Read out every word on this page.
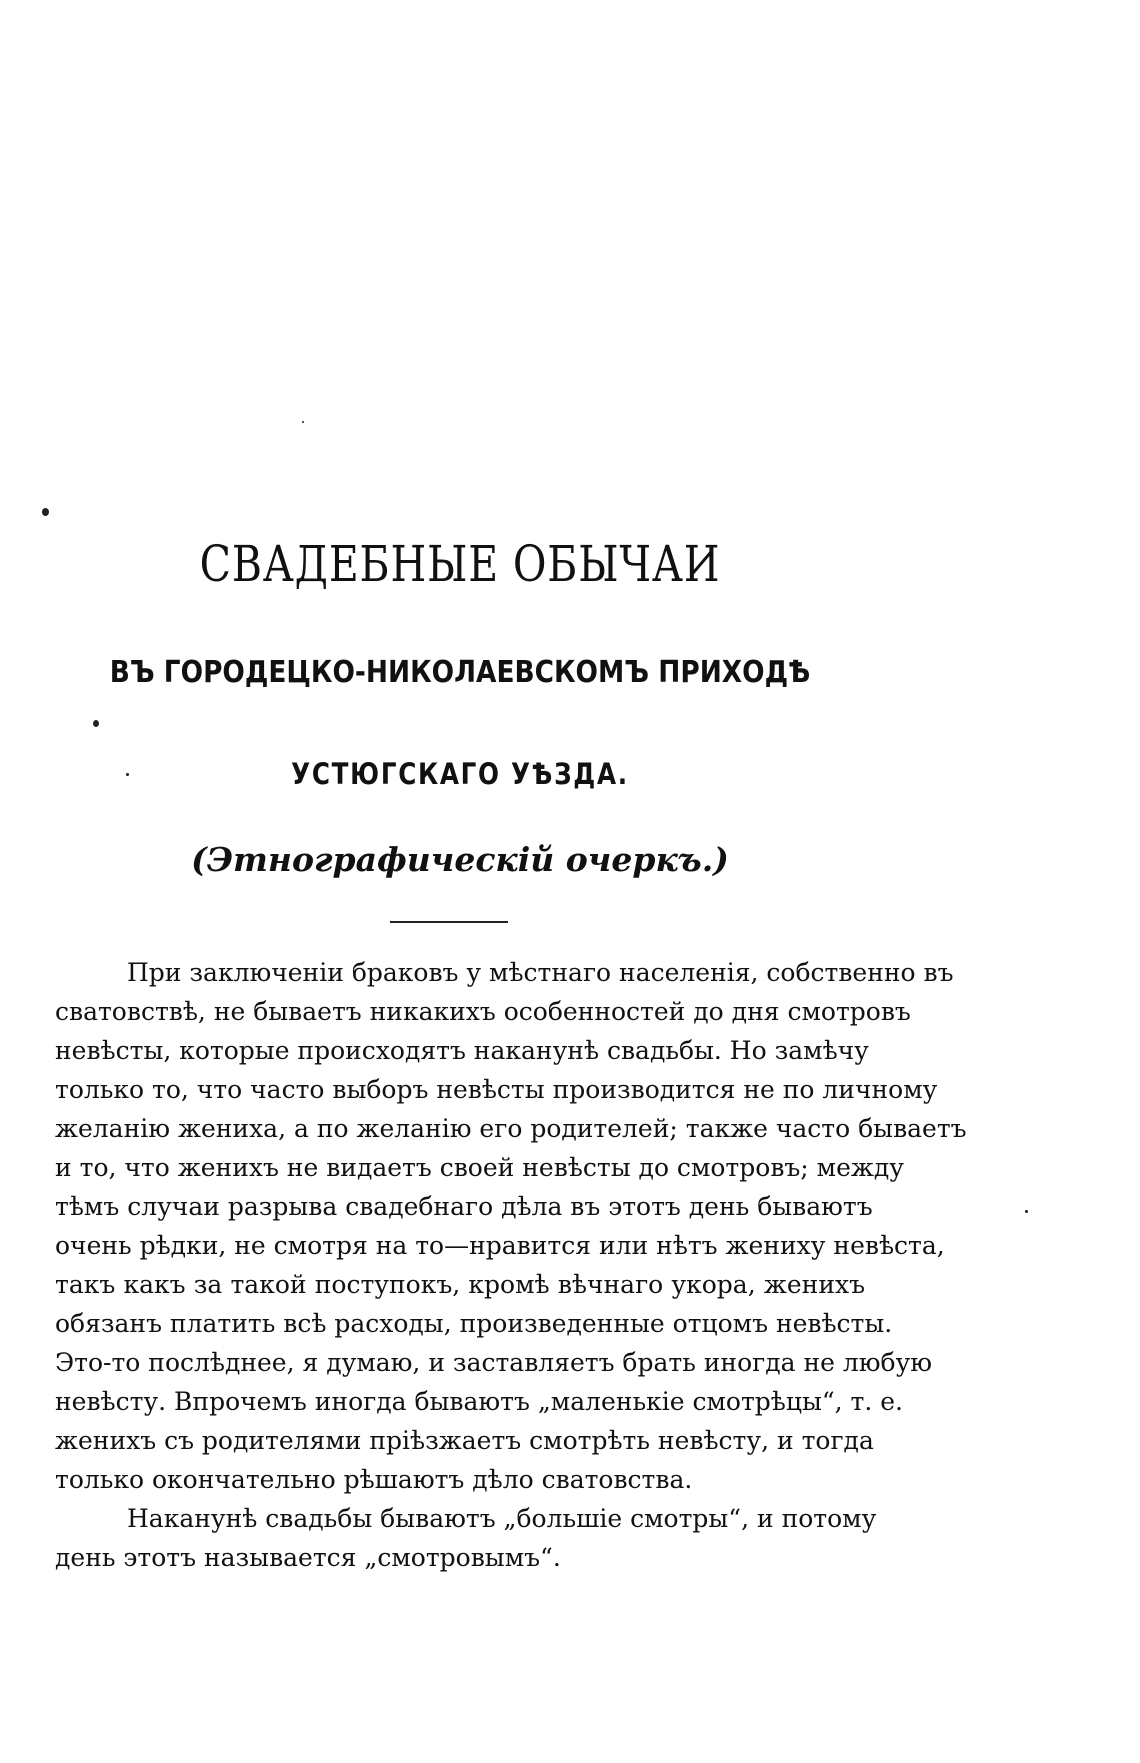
СВАДЕБНЫЕ ОБЫЧАИ
ВЪ ГОРОДЕЦКО-НИКОЛАЕВСКОМЪ ПРИХОДѢ
УСТЮГСКАГО УѢЗДА.
(Этнографическій очеркъ.)

При заключеніи браковъ у мѣстнаго населенія, собственно въ
сватовствѣ, не бываетъ никакихъ особенностей до дня смотровъ
невѣсты, которые происходятъ наканунѣ свадьбы. Но замѣчу
только то, что часто выборъ невѣсты производится не по личному
желанію жениха, а по желанію его родителей; также часто бываетъ
и то, что женихъ не видаетъ своей невѣсты до смотровъ; между
тѣмъ случаи разрыва свадебнаго дѣла въ этотъ день бываютъ
очень рѣдки, не смотря на то—нравится или нѣтъ жениху невѣста,
такъ какъ за такой поступокъ, кромѣ вѣчнаго укора, женихъ
обязанъ платить всѣ расходы, произведенные отцомъ невѣсты.
Это-то послѣднее, я думаю, и заставляетъ брать иногда не любую
невѣсту. Впрочемъ иногда бываютъ „маленькіе смотрѣцы“, т. е.
женихъ съ родителями пріѣзжаетъ смотрѣть невѣсту, и тогда
только окончательно рѣшаютъ дѣло сватовства.

Наканунѣ свадьбы бываютъ „большіе смотры“, и потому
день этотъ называется „смотровымъ“.
